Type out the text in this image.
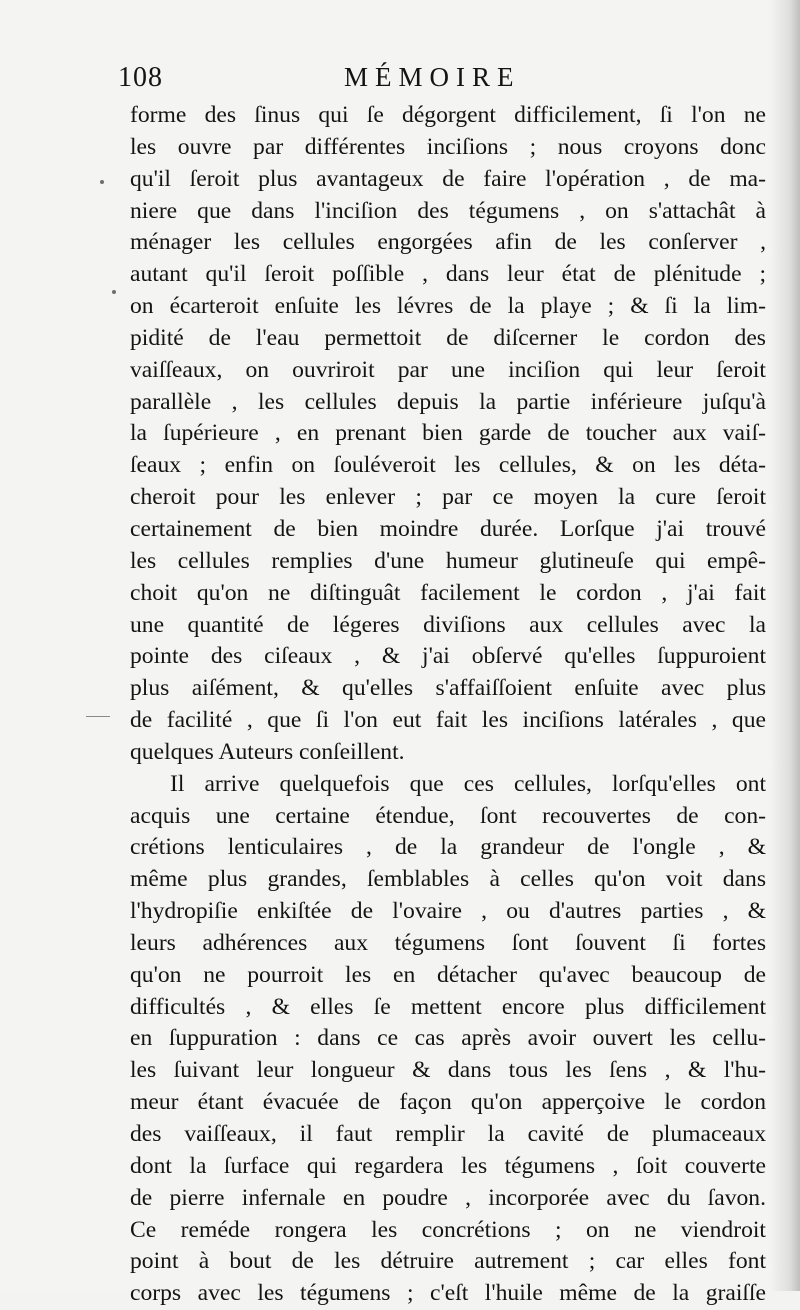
108	MÉMOIRE
forme des ſinus qui ſe dégorgent difficilement, ſi l'on ne
les ouvre par différentes inciſions ; nous croyons donc
qu'il ſeroit plus avantageux de faire l'opération , de ma-
niere que dans l'inciſion des tégumens , on s'attachât à
ménager les cellules engorgées afin de les conſerver ,
autant qu'il ſeroit poſſible , dans leur état de plénitude ;
on écarteroit enſuite les lévres de la playe ; & ſi la lim-
pidité de l'eau permettoit de diſcerner le cordon des
vaiſſeaux, on ouvriroit par une inciſion qui leur ſeroit
parallèle , les cellules depuis la partie inférieure juſqu'à
la ſupérieure , en prenant bien garde de toucher aux vaiſ-
ſeaux ; enfin on ſouléveroit les cellules, & on les déta-
cheroit pour les enlever ; par ce moyen la cure ſeroit
certainement de bien moindre durée. Lorſque j'ai trouvé
les cellules remplies d'une humeur glutineuſe qui empê-
choit qu'on ne diſtinguât facilement le cordon , j'ai fait
une quantité de légeres diviſions aux cellules avec la
pointe des ciſeaux , & j'ai obſervé qu'elles ſuppuroient
plus aiſément, & qu'elles s'affaiſſoient enſuite avec plus
de facilité , que ſi l'on eut fait les inciſions latérales , que
quelques Auteurs conſeillent.
Il arrive quelquefois que ces cellules, lorſqu'elles ont
acquis une certaine étendue, ſont recouvertes de con-
crétions lenticulaires , de la grandeur de l'ongle , &
même plus grandes, ſemblables à celles qu'on voit dans
l'hydropiſie enkiſtée de l'ovaire , ou d'autres parties , &
leurs adhérences aux tégumens ſont ſouvent ſi fortes
qu'on ne pourroit les en détacher qu'avec beaucoup de
difficultés , & elles ſe mettent encore plus difficilement
en ſuppuration : dans ce cas après avoir ouvert les cellu-
les ſuivant leur longueur & dans tous les ſens , & l'hu-
meur étant évacuée de façon qu'on apperçoive le cordon
des vaiſſeaux, il faut remplir la cavité de plumaceaux
dont la ſurface qui regardera les tégumens , ſoit couverte
de pierre infernale en poudre , incorporée avec du ſavon.
Ce reméde rongera les concrétions ; on ne viendroit
point à bout de les détruire autrement ; car elles font
corps avec les tégumens ; c'eſt l'huile même de la graiſſe
